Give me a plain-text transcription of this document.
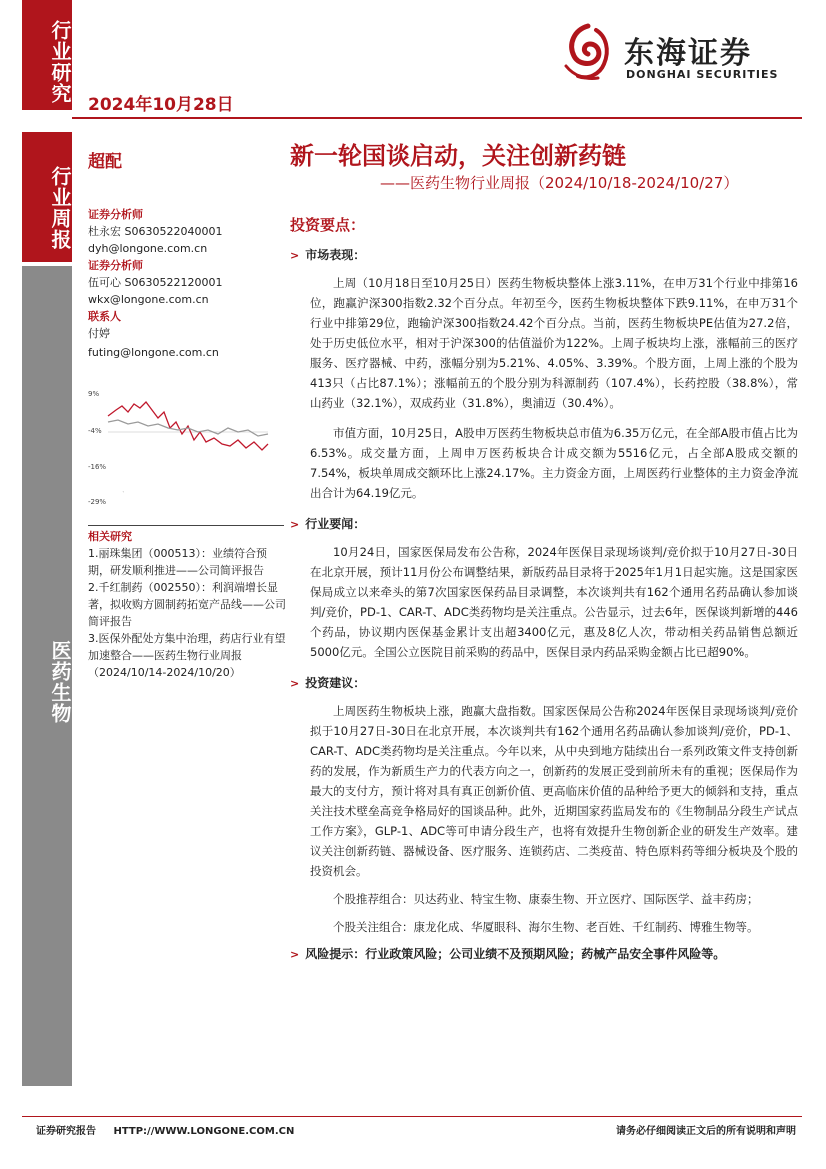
行业研究
2024年10月28日
东海证券
DONGHAI SECURITIES
行业周报
医药生物
超配
证券分析师
杜永宏 S0630522040001
dyh@longone.com.cn
证券分析师
伍可心 S0630522120001
wkx@longone.com.cn
联系人
付婷
futing@longone.com.cn
9%
-4%
-16%
-29%
·
相关研究
1.丽珠集团（000513）：业绩符合预期，研发顺利推进——公司简评报告
2.千红制药（002550）：利润端增长显著，拟收购方圆制药拓宽产品线——公司简评报告
3.医保外配处方集中治理，药店行业有望加速整合——医药生物行业周报（2024/10/14-2024/10/20）
新一轮国谈启动，关注创新药链
——医药生物行业周报（2024/10/18-2024/10/27）
投资要点：
> 市场表现：
上周（10月18日至10月25日）医药生物板块整体上涨3.11%，在申万31个行业中排第16位，跑赢沪深300指数2.32个百分点。年初至今，医药生物板块整体下跌9.11%，在申万31个行业中排第29位，跑输沪深300指数24.42个百分点。当前，医药生物板块PE估值为27.2倍，处于历史低位水平，相对于沪深300的估值溢价为122%。上周子板块均上涨，涨幅前三的医疗服务、医疗器械、中药，涨幅分别为5.21%、4.05%、3.39%。个股方面，上周上涨的个股为413只（占比87.1%）；涨幅前五的个股分别为科源制药（107.4%），长药控股（38.8%），常山药业（32.1%），双成药业（31.8%），奥浦迈（30.4%）。
市值方面，10月25日，A股申万医药生物板块总市值为6.35万亿元，在全部A股市值占比为6.53%。成交量方面，上周申万医药板块合计成交额为5516亿元，占全部A股成交额的7.54%，板块单周成交额环比上涨24.17%。主力资金方面，上周医药行业整体的主力资金净流出合计为64.19亿元。
> 行业要闻：
10月24日，国家医保局发布公告称，2024年医保目录现场谈判/竞价拟于10月27日-30日在北京开展，预计11月份公布调整结果，新版药品目录将于2025年1月1日起实施。这是国家医保局成立以来牵头的第7次国家医保药品目录调整，本次谈判共有162个通用名药品确认参加谈判/竞价，PD-1、CAR-T、ADC类药物均是关注重点。公告显示，过去6年，医保谈判新增的446个药品，协议期内医保基金累计支出超3400亿元，惠及8亿人次，带动相关药品销售总额近5000亿元。全国公立医院目前采购的药品中，医保目录内药品采购金额占比已超90%。
> 投资建议：
上周医药生物板块上涨，跑赢大盘指数。国家医保局公告称2024年医保目录现场谈判/竞价拟于10月27日-30日在北京开展，本次谈判共有162个通用名药品确认参加谈判/竞价，PD-1、CAR-T、ADC类药物均是关注重点。今年以来，从中央到地方陆续出台一系列政策文件支持创新药的发展，作为新质生产力的代表方向之一，创新药的发展正受到前所未有的重视；医保局作为最大的支付方，预计将对具有真正创新价值、更高临床价值的品种给予更大的倾斜和支持，重点关注技术壁垒高竞争格局好的国谈品种。此外，近期国家药监局发布的《生物制品分段生产试点工作方案》，GLP-1、ADC等可申请分段生产，也将有效提升生物创新企业的研发生产效率。建议关注创新药链、器械设备、医疗服务、连锁药店、二类疫苗、特色原料药等细分板块及个股的投资机会。
个股推荐组合：贝达药业、特宝生物、康泰生物、开立医疗、国际医学、益丰药房；
个股关注组合：康龙化成、华厦眼科、海尔生物、老百姓、千红制药、博雅生物等。
> 风险提示：行业政策风险；公司业绩不及预期风险；药械产品安全事件风险等。
证券研究报告 HTTP://WWW.LONGONE.COM.CN	请务必仔细阅读正文后的所有说明和声明
